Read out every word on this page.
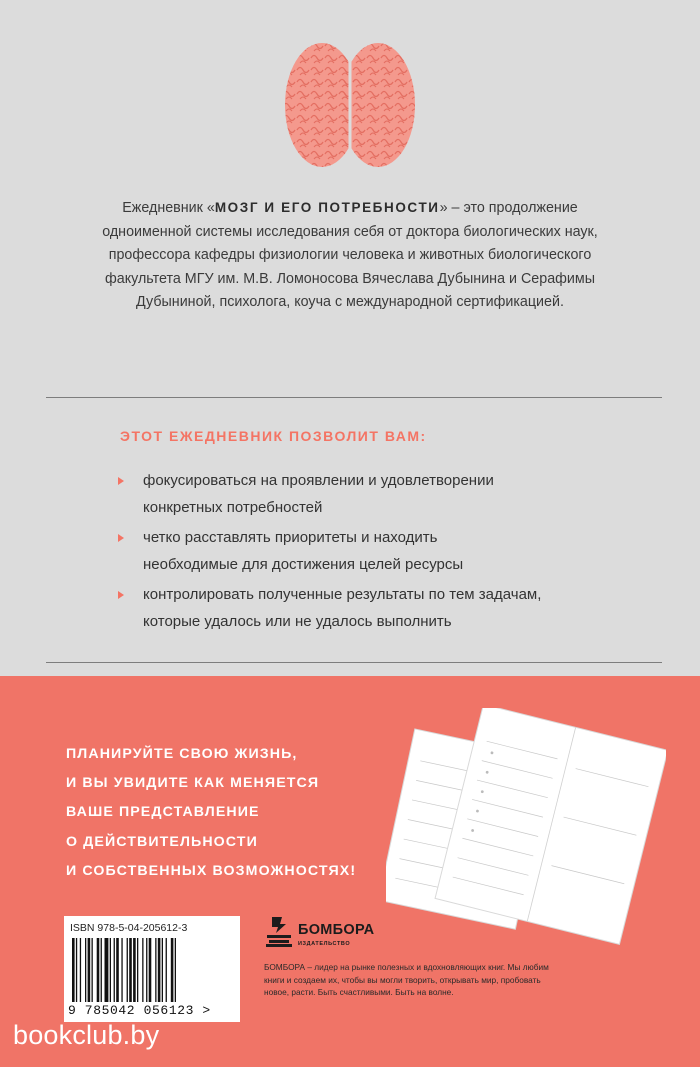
Ежедневник «МОЗГ И ЕГО ПОТРЕБНОСТИ» – это продолжение одноименной системы исследования себя от доктора биологических наук, профессора кафедры физиологии человека и животных биологического факультета МГУ им. М.В. Ломоносова Вячеслава Дубынина и Серафимы Дубыниной, психолога, коуча с международной сертификацией.
ЭТОТ ЕЖЕДНЕВНИК ПОЗВОЛИТ ВАМ:
фокусироваться на проявлении и удовлетворении
конкретных потребностей
четко расставлять приоритеты и находить
необходимые для достижения целей ресурсы
контролировать полученные результаты по тем задачам,
которые удалось или не удалось выполнить
ПЛАНИРУЙТЕ СВОЮ ЖИЗНЬ,
И ВЫ УВИДИТЕ КАК МЕНЯЕТСЯ
ВАШЕ ПРЕДСТАВЛЕНИЕ
О ДЕЙСТВИТЕЛЬНОСТИ
И СОБСТВЕННЫХ ВОЗМОЖНОСТЯХ!
ISBN 978-5-04-205612-3
9 785042 056123 >
БОМБОРА
ИЗДАТЕЛЬСТВО
БОМБОРА – лидер на рынке полезных и вдохновляющих книг. Мы любим книги и создаем их, чтобы вы могли творить, открывать мир, пробовать новое, расти. Быть счастливыми. Быть на волне.
bookclub.by
